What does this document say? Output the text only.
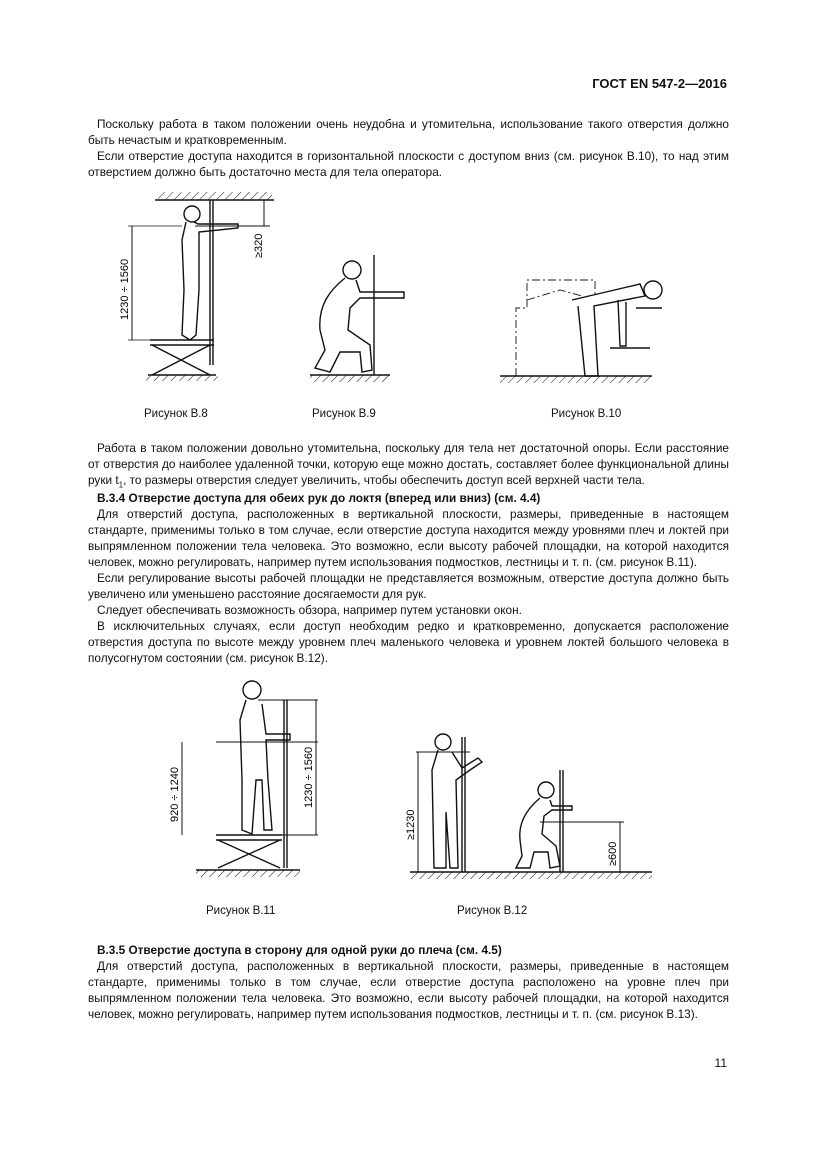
ГОСТ EN 547-2—2016
Поскольку работа в таком положении очень неудобна и утомительна, использование такого отверстия должно быть нечастым и кратковременным.
Если отверстие доступа находится в горизонтальной плоскости с доступом вниз (см. рисунок В.10), то над этим отверстием должно быть достаточно места для тела оператора.
1230 ÷ 1560
≥320
920 ÷ 1240	1230 ÷ 1560
≥1230
≥600
Рисунок В.8	Рисунок В.9	Рисунок В.10
Работа в таком положении довольно утомительна, поскольку для тела нет достаточной опоры. Если расстояние от отверстия до наиболее удаленной точки, которую еще можно достать, составляет более функциональной длины руки $t_1$, то размеры отверстия следует увеличить, чтобы обеспечить доступ всей верхней части тела.
В.3.4 Отверстие доступа для обеих рук до локтя (вперед или вниз) (см. 4.4)
Для отверстий доступа, расположенных в вертикальной плоскости, размеры, приведенные в настоящем стандарте, применимы только в том случае, если отверстие доступа находится между уровнями плеч и локтей при выпрямленном положении тела человека. Это возможно, если высоту рабочей площадки, на которой находится человек, можно регулировать, например путем использования подмостков, лестницы и т. п. (см. рисунок В.11).
Если регулирование высоты рабочей площадки не представляется возможным, отверстие доступа должно быть увеличено или уменьшено расстояние досягаемости для рук.
Следует обеспечивать возможность обзора, например путем установки окон.
В исключительных случаях, если доступ необходим редко и кратковременно, допускается расположение отверстия доступа по высоте между уровнем плеч маленького человека и уровнем локтей большого человека в полусогнутом состоянии (см. рисунок В.12).
Рисунок В.11	Рисунок В.12
В.3.5 Отверстие доступа в сторону для одной руки до плеча (см. 4.5)
Для отверстий доступа, расположенных в вертикальной плоскости, размеры, приведенные в настоящем стандарте, применимы только в том случае, если отверстие доступа расположено на уровне плеч при выпрямленном положении тела человека. Это возможно, если высоту рабочей площадки, на которой находится человек, можно регулировать, например путем использования подмостков, лестницы и т. п. (см. рисунок В.13).
11
